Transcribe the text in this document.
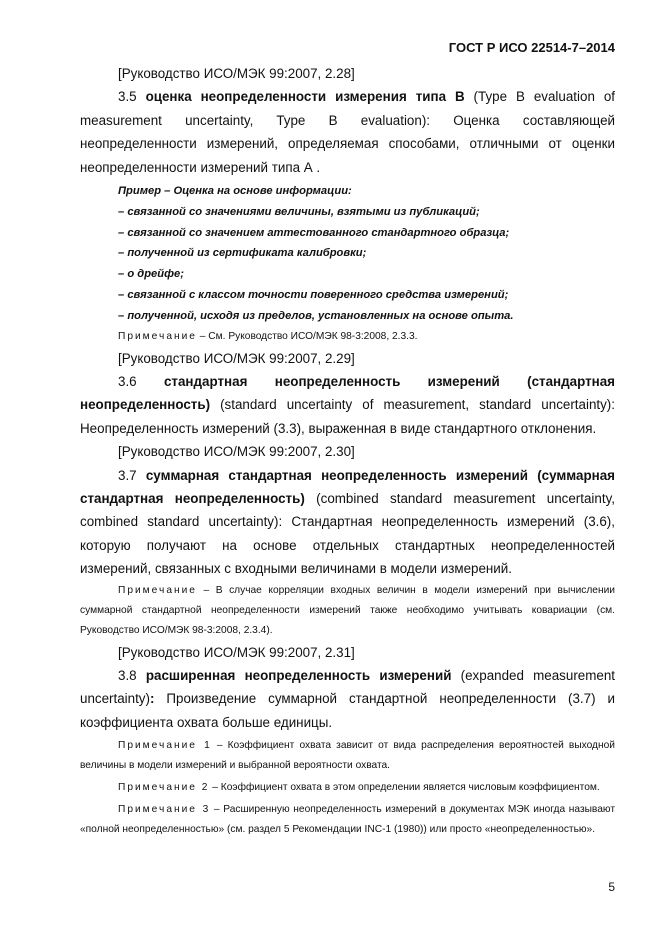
ГОСТ Р ИСО 22514-7–2014

[Руководство ИСО/МЭК 99:2007, 2.28]

3.5 оценка неопределенности измерения типа В (Type B evaluation of measurement uncertainty, Type B evaluation): Оценка составляющей неопределенности измерений, определяемая способами, отличными от оценки неопределенности измерений типа А .

Пример – Оценка на основе информации:

– связанной со значениями величины, взятыми из публикаций;

– связанной со значением аттестованного стандартного образца;

– полученной из сертификата калибровки;

– о дрейфе;

– связанной с классом точности поверенного средства измерений;

– полученной, исходя из пределов, установленных на основе опыта.

Примечание – См. Руководство ИСО/МЭК 98-3:2008, 2.3.3.

[Руководство ИСО/МЭК 99:2007, 2.29]

3.6 стандартная неопределенность измерений (стандартная неопределенность) (standard uncertainty of measurement, standard uncertainty): Неопределенность измерений (3.3), выраженная в виде стандартного отклонения.

[Руководство ИСО/МЭК 99:2007, 2.30]

3.7 суммарная стандартная неопределенность измерений (суммарная стандартная неопределенность) (combined standard measurement uncertainty, combined standard uncertainty): Стандартная неопределенность измерений (3.6), которую получают на основе отдельных стандартных неопределенностей измерений, связанных с входными величинами в модели измерений.

Примечание – В случае корреляции входных величин в модели измерений при вычислении суммарной стандартной неопределенности измерений также необходимо учитывать ковариации (см. Руководство ИСО/МЭК 98-3:2008, 2.3.4).

[Руководство ИСО/МЭК 99:2007, 2.31]

3.8 расширенная неопределенность измерений (expanded measurement uncertainty): Произведение суммарной стандартной неопределенности (3.7) и коэффициента охвата больше единицы.

Примечание 1 – Коэффициент охвата зависит от вида распределения вероятностей выходной величины в модели измерений и выбранной вероятности охвата.

Примечание 2 – Коэффициент охвата в этом определении является числовым коэффициентом.

Примечание 3 – Расширенную неопределенность измерений в документах МЭК иногда называют «полной неопределенностью» (см. раздел 5 Рекомендации INC-1 (1980)) или просто «неопределенностью».

5
